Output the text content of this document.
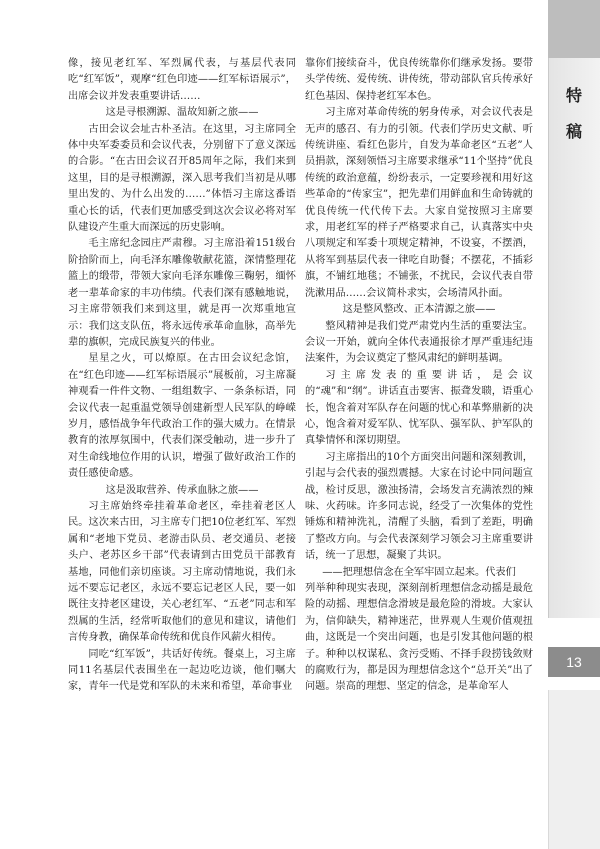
像，接见老红军、军烈属代表，与基层代表同吃“红军饭”，观摩“红色印迹——红军标语展示”，出席会议并发表重要讲话……

这是寻根溯源、温故知新之旅——

古田会议会址古朴圣洁。在这里，习主席同全体中央军委委员和会议代表，分别留下了意义深远的合影。“在古田会议召开85周年之际，我们来到这里，目的是寻根溯源，深入思考我们当初是从哪里出发的、为什么出发的……”体悟习主席这番语重心长的话，代表们更加感受到这次会议必将对军队建设产生重大而深远的历史影响。

毛主席纪念园庄严肃穆。习主席沿着151级台阶拾阶而上，向毛泽东雕像敬献花篮，深情整理花篮上的缎带，带领大家向毛泽东雕像三鞠躬，缅怀老一辈革命家的丰功伟绩。代表们深有感触地说，习主席带领我们来到这里，就是再一次郑重地宣示：我们这支队伍，将永远传承革命血脉，高举先辈的旗帜，完成民族复兴的伟业。

星星之火，可以燎原。在古田会议纪念馆，在“红色印迹——红军标语展示”展板前，习主席凝神观看一件件文物、一组组数字、一条条标语，同会议代表一起重温党领导创建新型人民军队的峥嵘岁月，感悟战争年代政治工作的强大威力。在情景教育的浓厚氛围中，代表们深受触动，进一步升了对生命线地位作用的认识，增强了做好政治工作的责任感使命感。

这是汲取营养、传承血脉之旅——

习主席始终牵挂着革命老区，牵挂着老区人民。这次来古田，习主席专门把10位老红军、军烈属和“老地下党员、老游击队员、老交通员、老接头户、老苏区乡干部”代表请到古田党员干部教育基地，同他们亲切座谈。习主席动情地说，我们永远不要忘记老区，永远不要忘记老区人民，要一如既往支持老区建设，关心老红军、“五老”同志和军烈属的生活，经常听取他们的意见和建议，请他们言传身教，确保革命传统和优良作风薪火相传。

同吃“红军饭”，共话好传统。餐桌上，习主席同11名基层代表围坐在一起边吃边谈，他们嘱大家，青年一代是党和军队的未来和希望，革命事业

靠你们接续奋斗，优良传统靠你们继承发扬。要带头学传统、爱传统、讲传统，带动部队官兵传承好红色基因、保持老红军本色。

习主席对革命传统的躬身传承，对会议代表是无声的感召、有力的引领。代表们学历史文献、听传统讲座、看红色影片，自发为革命老区“五老”人员捐款，深刻领悟习主席要求继承“11个坚持”优良传统的政治意蕴，纷纷表示，一定要珍视和用好这些革命的“传家宝”，把先辈们用鲜血和生命铸就的优良传统一代代传下去。大家自觉按照习主席要求，用老红军的样子严格要求自己，认真落实中央八项规定和军委十项规定精神，不设宴，不摆酒，从将军到基层代表一律吃自助餐；不摆花，不插彩旗，不铺红地毯；不铺张，不扰民，会议代表自带洗漱用品……会议简朴求实，会场清风扑面。

这是整风整改、正本清源之旅——

整风精神是我们党严肃党内生活的重要法宝。会议一开始，就向全体代表通报徐才厚严重违纪违法案件，为会议奠定了整风肃纪的鲜明基调。

习主席发表的重要讲话，是会议的“魂”和“纲”。讲话直击要害、振聋发聩，语重心长，饱含着对军队存在问题的忧心和革弊鼎新的决心，饱含着对爱军队、忧军队、强军队、护军队的真挚情怀和深切期望。

习主席指出的10个方面突出问题和深刻教训，引起与会代表的强烈震撼。大家在讨论中同问题宣战，检讨反思，激浊扬清，会场发言充满浓烈的辣味、火药味。许多同志说，经受了一次集体的党性锤炼和精神洗礼，清醒了头脑，看到了差距，明确了整改方向。与会代表深刻学习领会习主席重要讲话，统一了思想，凝聚了共识。

——把理想信念在全军牢固立起来。代表们

列举种种现实表现，深刻剖析理想信念动摇是最危险的动摇、理想信念滑坡是最危险的滑坡。大家认为，信仰缺失，精神迷茫，世界观人生观价值观扭曲，这既是一个突出问题，也是引发其他问题的根子。种种以权谋私、贪污受贿、不择手段捞钱敛财的腐败行为，都是因为理想信念这个“总开关”出了问题。崇高的理想、坚定的信念，是革命军人

特
稿
13
